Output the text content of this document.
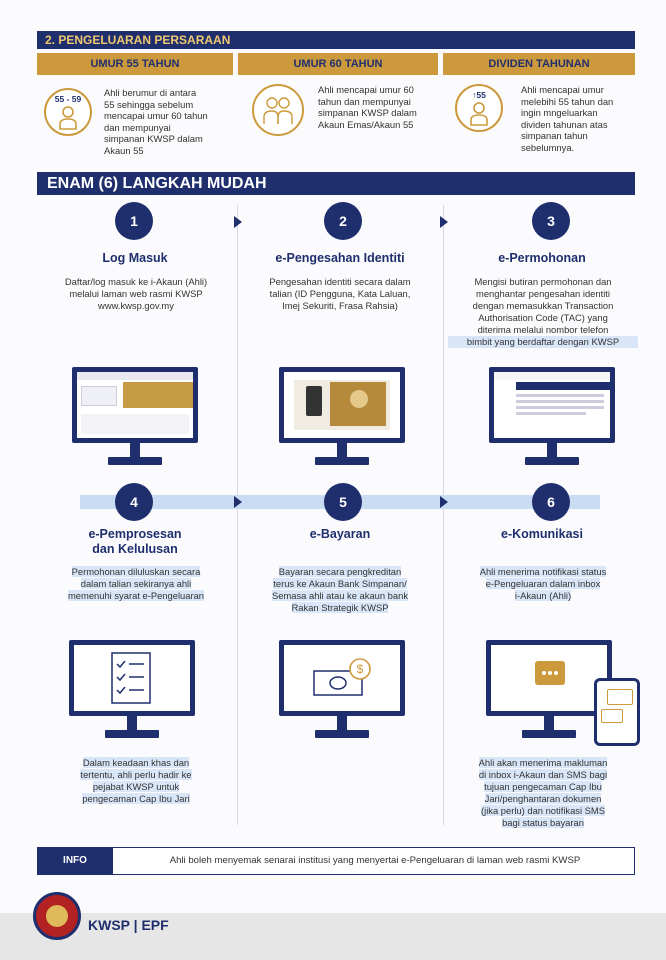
2. PENGELUARAN PERSARAAN
UMUR 55 TAHUN	UMUR 60 TAHUN	DIVIDEN TAHUNAN
55 - 59
Ahli berumur di antara
55 sehingga sebelum
mencapai umur 60 tahun
dan mempunyai
simpanan KWSP dalam
Akaun 55
Ahli mencapai umur 60
tahun dan mempunyai
simpanan KWSP dalam
Akaun Emas/Akaun 55
↑55	Ahli mencapai umur
melebihi 55 tahun dan
ingin mngeluarkan
dividen tahunan atas
simpanan tahun
sebelumnya.
ENAM (6) LANGKAH MUDAH
1	2	3
4	5	6
Log Masuk	e-Pengesahan Identiti	e-Permohonan
Daftar/log masuk ke i-Akaun (Ahli)
melalui laman web rasmi KWSP
www.kwsp.gov.my
Pengesahan identiti secara dalam
talian (ID Pengguna, Kata Laluan,
Imej Sekuriti, Frasa Rahsia)
Mengisi butiran permohonan dan
menghantar pengesahan identiti
dengan memasukkan Transaction
Authorisation Code (TAC) yang
diterima melalui nombor telefon
bimbit yang berdaftar dengan KWSP
e-Pemprosesan
dan Kelulusan
e-Bayaran	e-Komunikasi
Permohonan diluluskan secara
dalam talian sekiranya ahli
memenuhi syarat e-Pengeluaran
Bayaran secara pengkreditan
terus ke Akaun Bank Simpanan/
Semasa ahli atau ke akaun bank
Rakan Strategik KWSP
Ahli menerima notifikasi status
e-Pengeluaran dalam inbox
i-Akaun (Ahli)
$
Dalam keadaan khas dan
tertentu, ahli perlu hadir ke
pejabat KWSP untuk
pengecaman Cap Ibu Jari
Ahli akan menerima makluman
di inbox i-Akaun dan SMS bagi
tujuan pengecaman Cap Ibu
Jari/penghantaran dokumen
(jika perlu) dan notifikasi SMS
bagi status bayaran
INFO	Ahli boleh menyemak senarai institusi yang menyertai e-Pengeluaran di laman web rasmi KWSP
KWSP | EPF
